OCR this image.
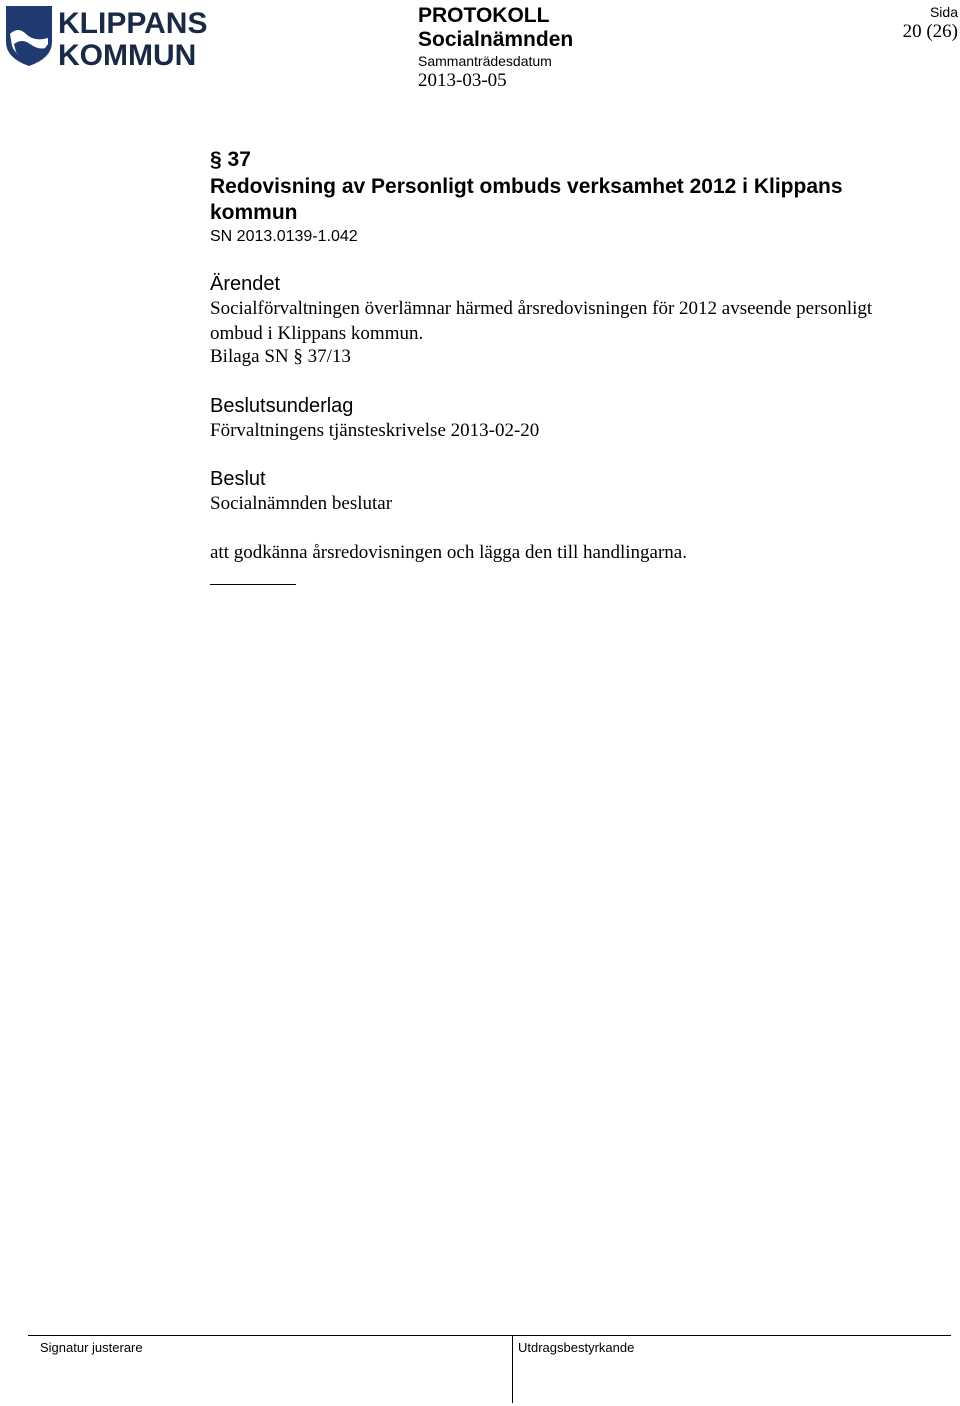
KLIPPANS
KOMMUN
PROTOKOLL
Socialnämnden
Sammanträdesdatum
2013-03-05
Sida
20 (26)
§ 37
Redovisning av Personligt ombuds verksamhet 2012 i Klippans kommun
SN 2013.0139-1.042
Ärendet
Socialförvaltningen överlämnar härmed årsredovisningen för 2012 avseende personligt ombud i Klippans kommun.
Bilaga SN § 37/13
Beslutsunderlag
Förvaltningens tjänsteskrivelse 2013-02-20
Beslut
Socialnämnden beslutar
att godkänna årsredovisningen och lägga den till handlingarna.
Signatur justerare	Utdragsbestyrkande
